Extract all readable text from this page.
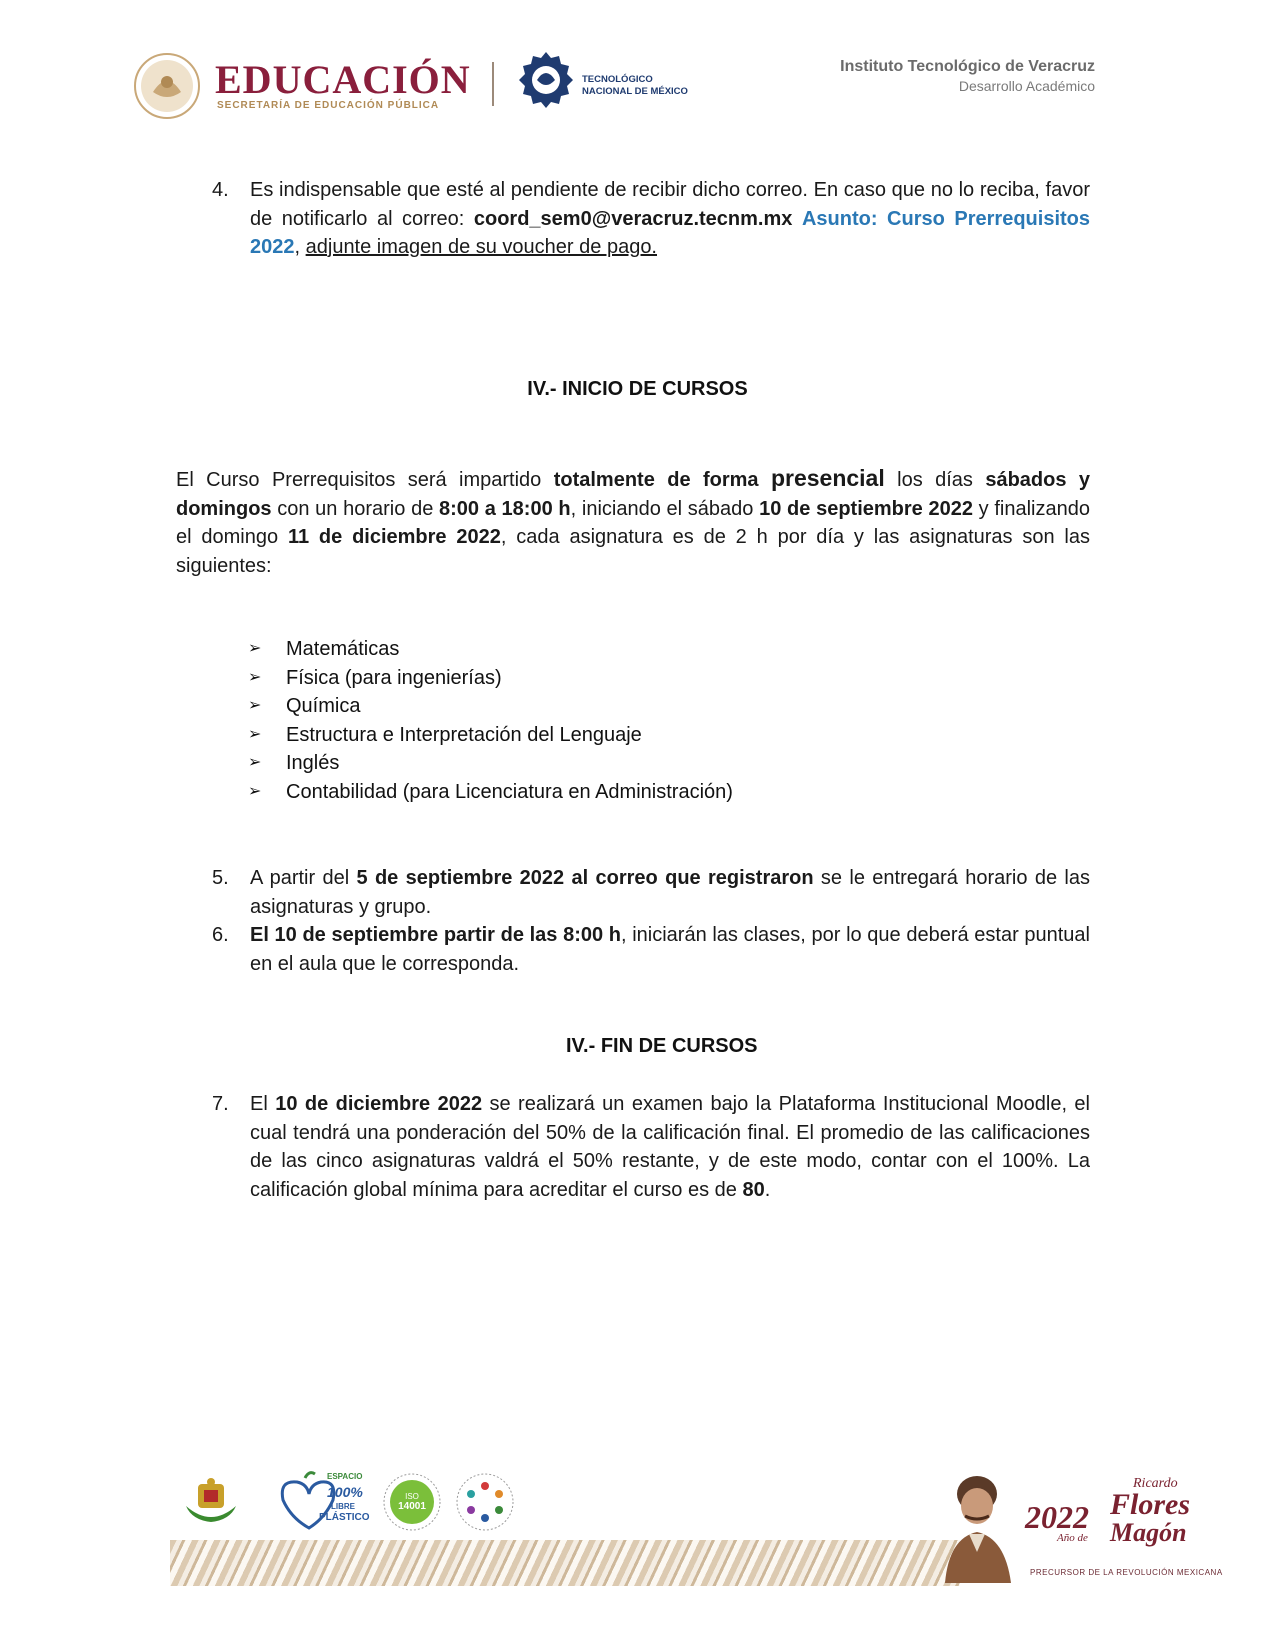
EDUCACIÓN
SECRETARÍA DE EDUCACIÓN PÚBLICA
TECNOLÓGICO
NACIONAL DE MÉXICO
Instituto Tecnológico de Veracruz
Desarrollo Académico
4. Es indispensable que esté al pendiente de recibir dicho correo. En caso que no lo reciba, favor de notificarlo al correo: coord_sem0@veracruz.tecnm.mx Asunto: Curso Prerrequisitos 2022, adjunte imagen de su voucher de pago.
IV.- INICIO DE CURSOS
El Curso Prerrequisitos será impartido totalmente de forma presencial los días sábados y domingos con un horario de 8:00 a 18:00 h, iniciando el sábado 10 de septiembre 2022 y finalizando el domingo 11 de diciembre 2022, cada asignatura es de 2 h por día y las asignaturas son las siguientes:
➢ Matemáticas
➢ Física (para ingenierías)
➢ Química
➢ Estructura e Interpretación del Lenguaje
➢ Inglés
➢ Contabilidad (para Licenciatura en Administración)
5. A partir del 5 de septiembre 2022 al correo que registraron se le entregará horario de las asignaturas y grupo.
6. El 10 de septiembre partir de las 8:00 h, iniciarán las clases, por lo que deberá estar puntual en el aula que le corresponda.
IV.- FIN DE CURSOS
7. El 10 de diciembre 2022 se realizará un examen bajo la Plataforma Institucional Moodle, el cual tendrá una ponderación del 50% de la calificación final. El promedio de las calificaciones de las cinco asignaturas valdrá el 50% restante, y de este modo, contar con el 100%. La calificación global mínima para acreditar el curso es de 80.
ESPACIO
100%
LIBRE
PLÁSTICO
ISO
14001	2022
Ricardo
Flores
Año de Magón
PRECURSOR DE LA REVOLUCIÓN MEXICANA
